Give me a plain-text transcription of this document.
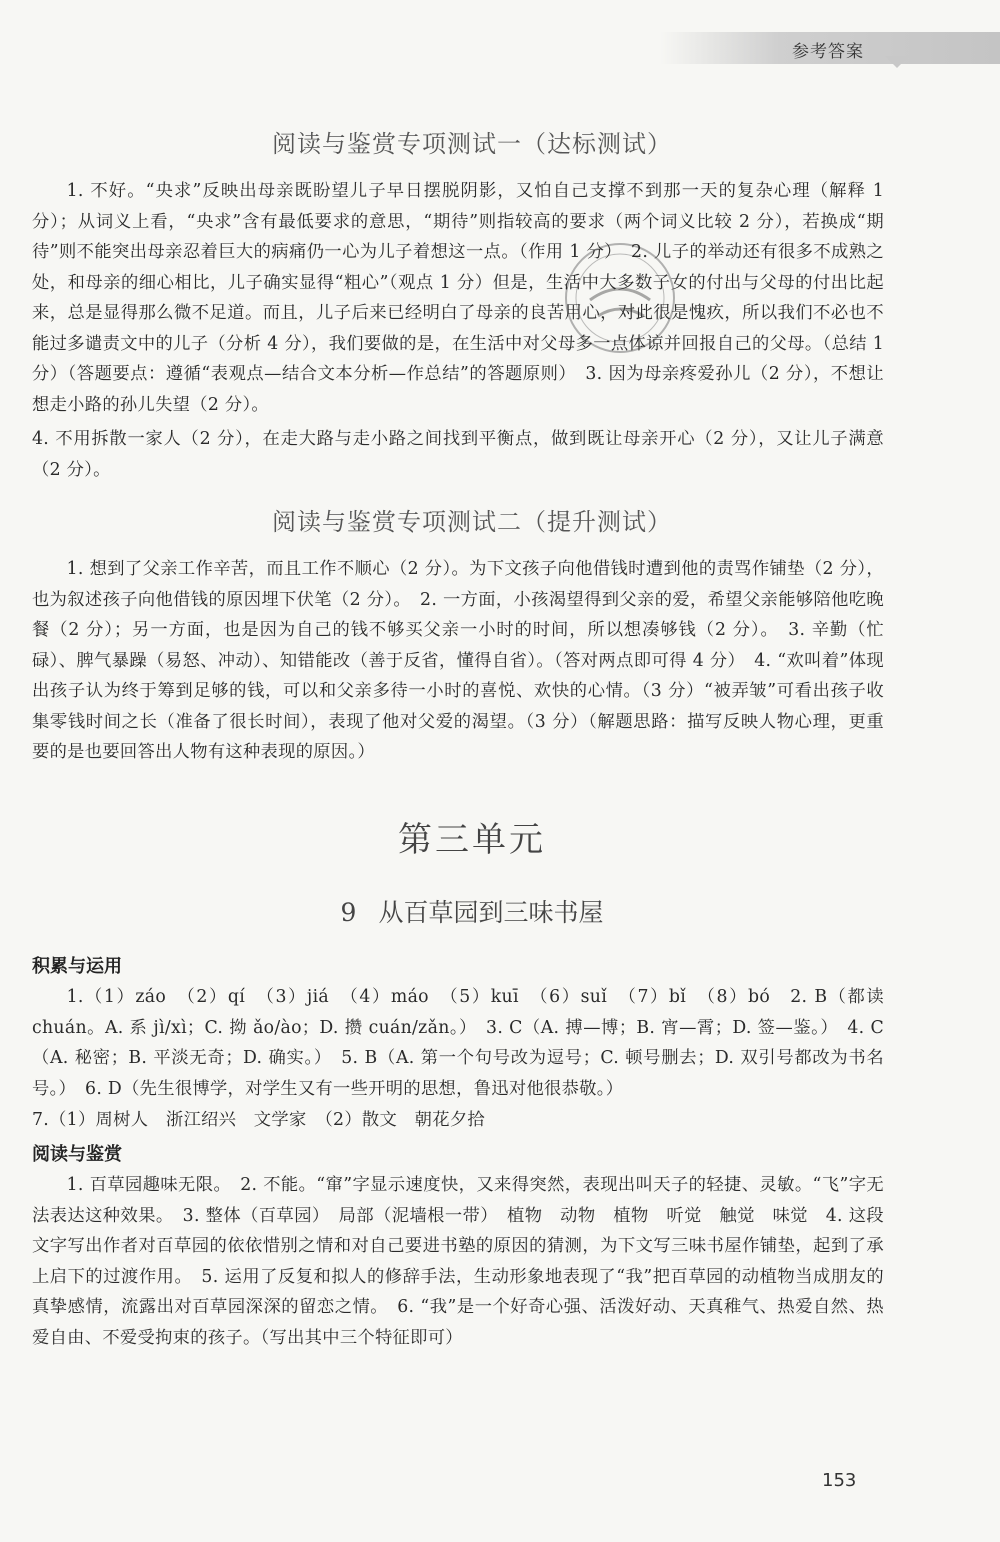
参考答案
阅读与鉴赏专项测试一（达标测试）

1. 不好。“央求”反映出母亲既盼望儿子早日摆脱阴影，又怕自己支撑不到那一天的复杂心理（解释 1 分）；从词义上看，“央求”含有最低要求的意思，“期待”则指较高的要求（两个词义比较 2 分），若换成“期待”则不能突出母亲忍着巨大的病痛仍一心为儿子着想这一点。（作用 1 分）　2. 儿子的举动还有很多不成熟之处，和母亲的细心相比，儿子确实显得“粗心”（观点 1 分）但是，生活中大多数子女的付出与父母的付出比起来，总是显得那么微不足道。而且，儿子后来已经明白了母亲的良苦用心，对此很是愧疚，所以我们不必也不能过多谴责文中的儿子（分析 4 分），我们要做的是，在生活中对父母多一点体谅并回报自己的父母。（总结 1 分）（答题要点：遵循“表观点—结合文本分析—作总结”的答题原则）　3. 因为母亲疼爱孙儿（2 分），不想让想走小路的孙儿失望（2 分）。

4. 不用拆散一家人（2 分），在走大路与走小路之间找到平衡点，做到既让母亲开心（2 分），又让儿子满意（2 分）。

阅读与鉴赏专项测试二（提升测试）

1. 想到了父亲工作辛苦，而且工作不顺心（2 分）。为下文孩子向他借钱时遭到他的责骂作铺垫（2 分），也为叙述孩子向他借钱的原因埋下伏笔（2 分）。　2. 一方面，小孩渴望得到父亲的爱，希望父亲能够陪他吃晚餐（2 分）；另一方面，也是因为自己的钱不够买父亲一小时的时间，所以想凑够钱（2 分）。　3. 辛勤（忙碌）、脾气暴躁（易怒、冲动）、知错能改（善于反省，懂得自省）。（答对两点即可得 4 分）　4. “欢叫着”体现出孩子认为终于筹到足够的钱，可以和父亲多待一小时的喜悦、欢快的心情。（3 分）“被弄皱”可看出孩子收集零钱时间之长（准备了很长时间），表现了他对父爱的渴望。（3 分）（解题思路：描写反映人物心理，更重要的是也要回答出人物有这种表现的原因。）

第三单元
9 从百草园到三味书屋
积累与运用

1.（1）záo　（2）qí　（3）jiá　（4）máo　（5）kuī　（6）suǐ　（7）bǐ　（8）bó　2. B（都读 chuán。A. 系 jì/xì；C. 拗 ǎo/ào；D. 攒 cuán/zǎn。）　3. C（A. 搏—博；B. 宵—霄；D. 签—鉴。）　4. C（A. 秘密；B. 平淡无奇；D. 确实。）　5. B（A. 第一个句号改为逗号；C. 顿号删去；D. 双引号都改为书名号。）　6. D（先生很博学，对学生又有一些开明的思想，鲁迅对他很恭敬。）

7.（1）周树人　浙江绍兴　文学家　（2）散文　朝花夕拾

阅读与鉴赏

1. 百草园趣味无限。　2. 不能。“窜”字显示速度快，又来得突然，表现出叫天子的轻捷、灵敏。“飞”字无法表达这种效果。　3. 整体（百草园）　局部（泥墙根一带）　植物　动物　植物　听觉　触觉　味觉　4. 这段文字写出作者对百草园的依依惜别之情和对自己要进书塾的原因的猜测，为下文写三味书屋作铺垫，起到了承上启下的过渡作用。　5. 运用了反复和拟人的修辞手法，生动形象地表现了“我”把百草园的动植物当成朋友的真挚感情，流露出对百草园深深的留恋之情。　6. “我”是一个好奇心强、活泼好动、天真稚气、热爱自然、热爱自由、不爱受拘束的孩子。（写出其中三个特征即可）

153
